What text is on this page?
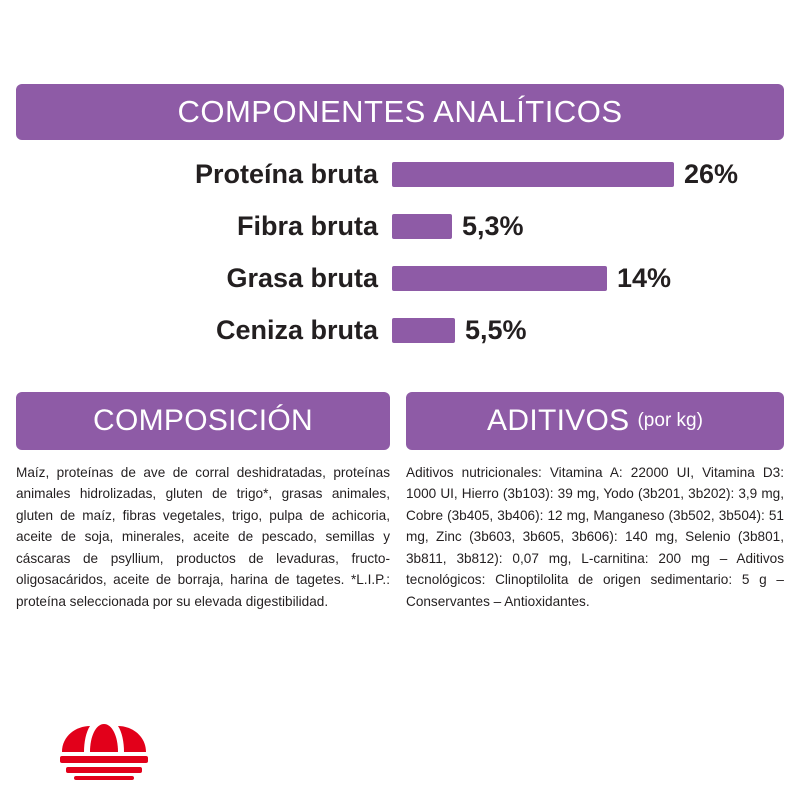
COMPONENTES ANALÍTICOS
Proteína bruta	26%
Fibra bruta	5,3%
Grasa bruta	14%
Ceniza bruta	5,5%
COMPOSICIÓN
Maíz, proteínas de ave de corral deshidratadas, proteínas animales hidrolizadas, gluten de trigo*, grasas animales, gluten de maíz, fibras vegetales, trigo, pulpa de achicoria, aceite de soja, minerales, aceite de pescado, semillas y cáscaras de psyllium, productos de levaduras, fructo-oligosacáridos, aceite de borraja, harina de tagetes. *L.I.P.: proteína seleccionada por su elevada digestibilidad.
ADITIVOS (por kg)
Aditivos nutricionales: Vitamina A: 22000 UI, Vitamina D3: 1000 UI, Hierro (3b103): 39 mg, Yodo (3b201, 3b202): 3,9 mg, Cobre (3b405, 3b406): 12 mg, Manganeso (3b502, 3b504): 51 mg, Zinc (3b603, 3b605, 3b606): 140 mg, Selenio (3b801, 3b811, 3b812): 0,07 mg, L-carnitina: 200 mg – Aditivos tecnológicos: Clinoptilolita de origen sedimentario: 5 g – Conservantes – Antioxidantes.
